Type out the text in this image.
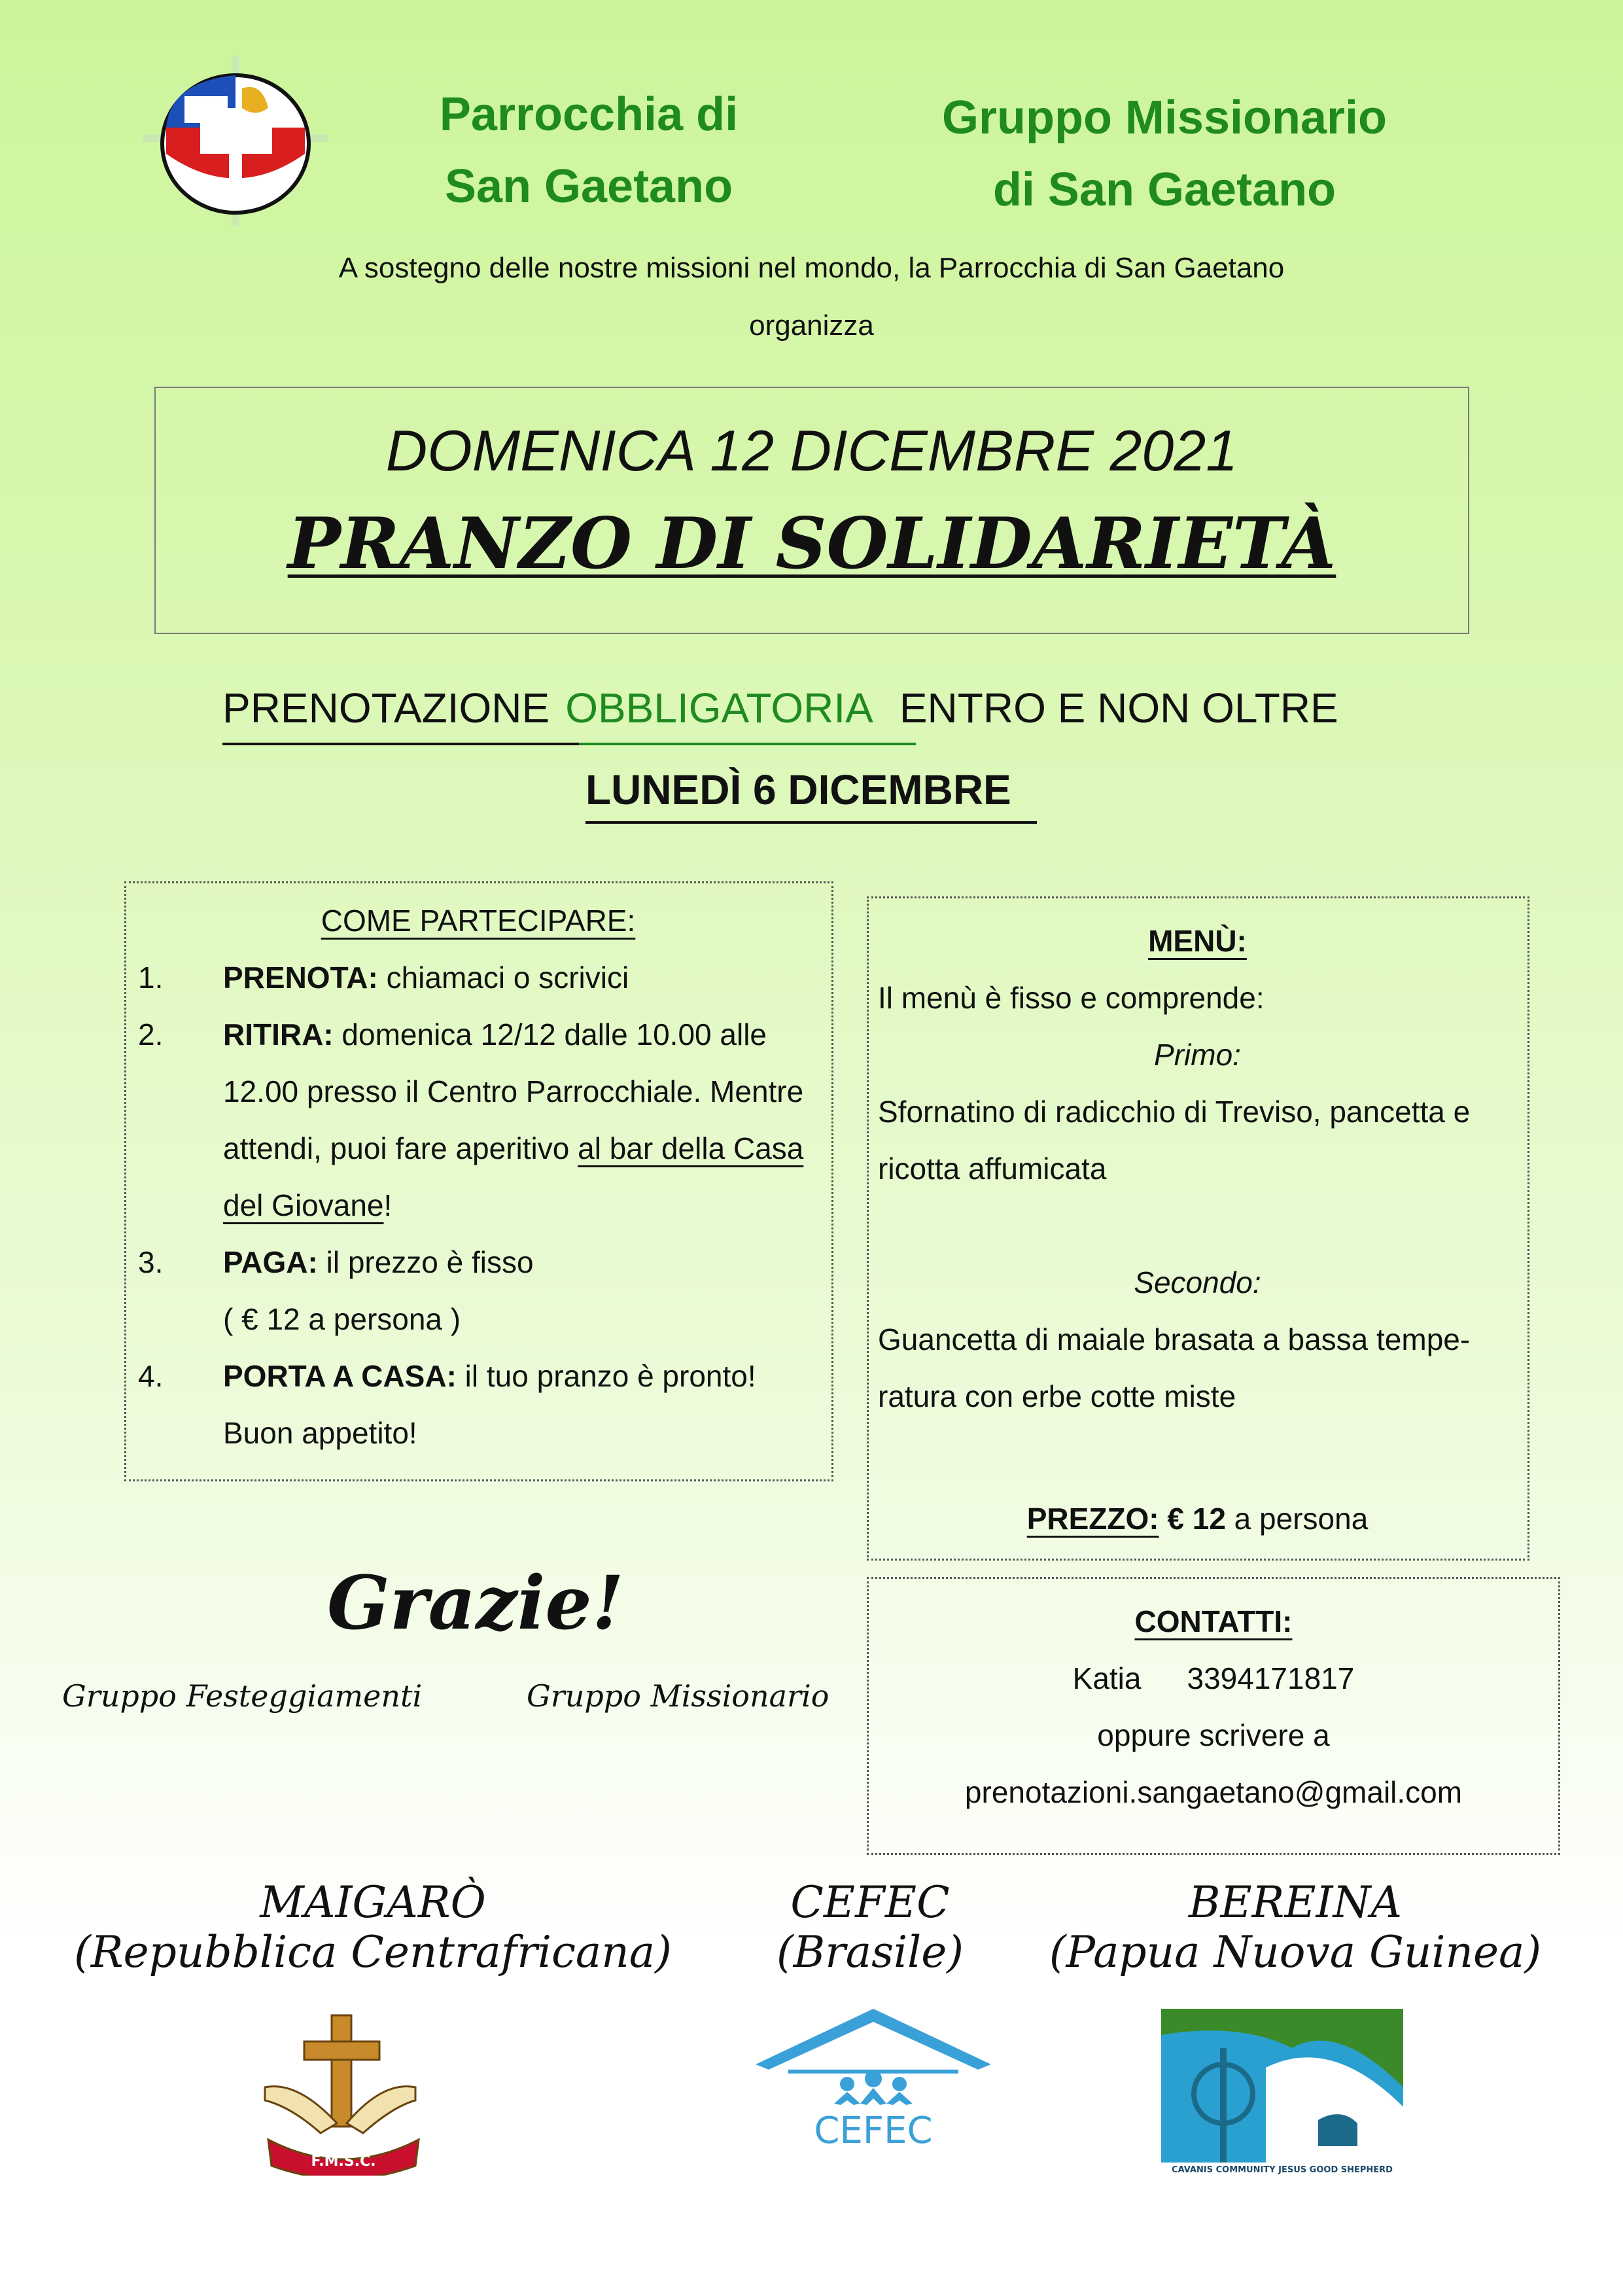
Parrocchia di
San Gaetano
Gruppo Missionario
di San Gaetano
A sostegno delle nostre missioni nel mondo, la Parrocchia di San Gaetano
organizza
DOMENICA 12 DICEMBRE 2021
PRANZO DI SOLIDARIETÀ
PRENOTAZIONE OBBLIGATORIA ENTRO E NON OLTRE
LUNEDÌ 6 DICEMBRE
COME PARTECIPARE:
1. PRENOTA: chiamaci o scrivici
2. RITIRA: domenica 12/12 dalle 10.00 alle 12.00 presso il Centro Parrocchiale. Mentre attendi, puoi fare aperitivo al bar della Casa del Giovane!
3. PAGA: il prezzo è fisso
( € 12 a persona )
4. PORTA A CASA: il tuo pranzo è pronto!
Buon appetito!
MENÙ:
Il menù è fisso e comprende:
Primo:
Sfornatino di radicchio di Treviso, pancetta e ricotta affumicata
Secondo:
Guancetta di maiale brasata a bassa tempe-
ratura con erbe cotte miste
PREZZO: € 12 a persona
Grazie!
Gruppo Festeggiamenti	Gruppo Missionario
CONTATTI:
Katia 3394171817
oppure scrivere a
prenotazioni.sangaetano@gmail.com
MAIGARÒ
(Repubblica Centrafricana)
CEFEC
(Brasile)
BEREINA
(Papua Nuova Guinea)
F.M.S.C.
CEFEC
CAVANIS COMMUNITY JESUS GOOD SHEPHERD
